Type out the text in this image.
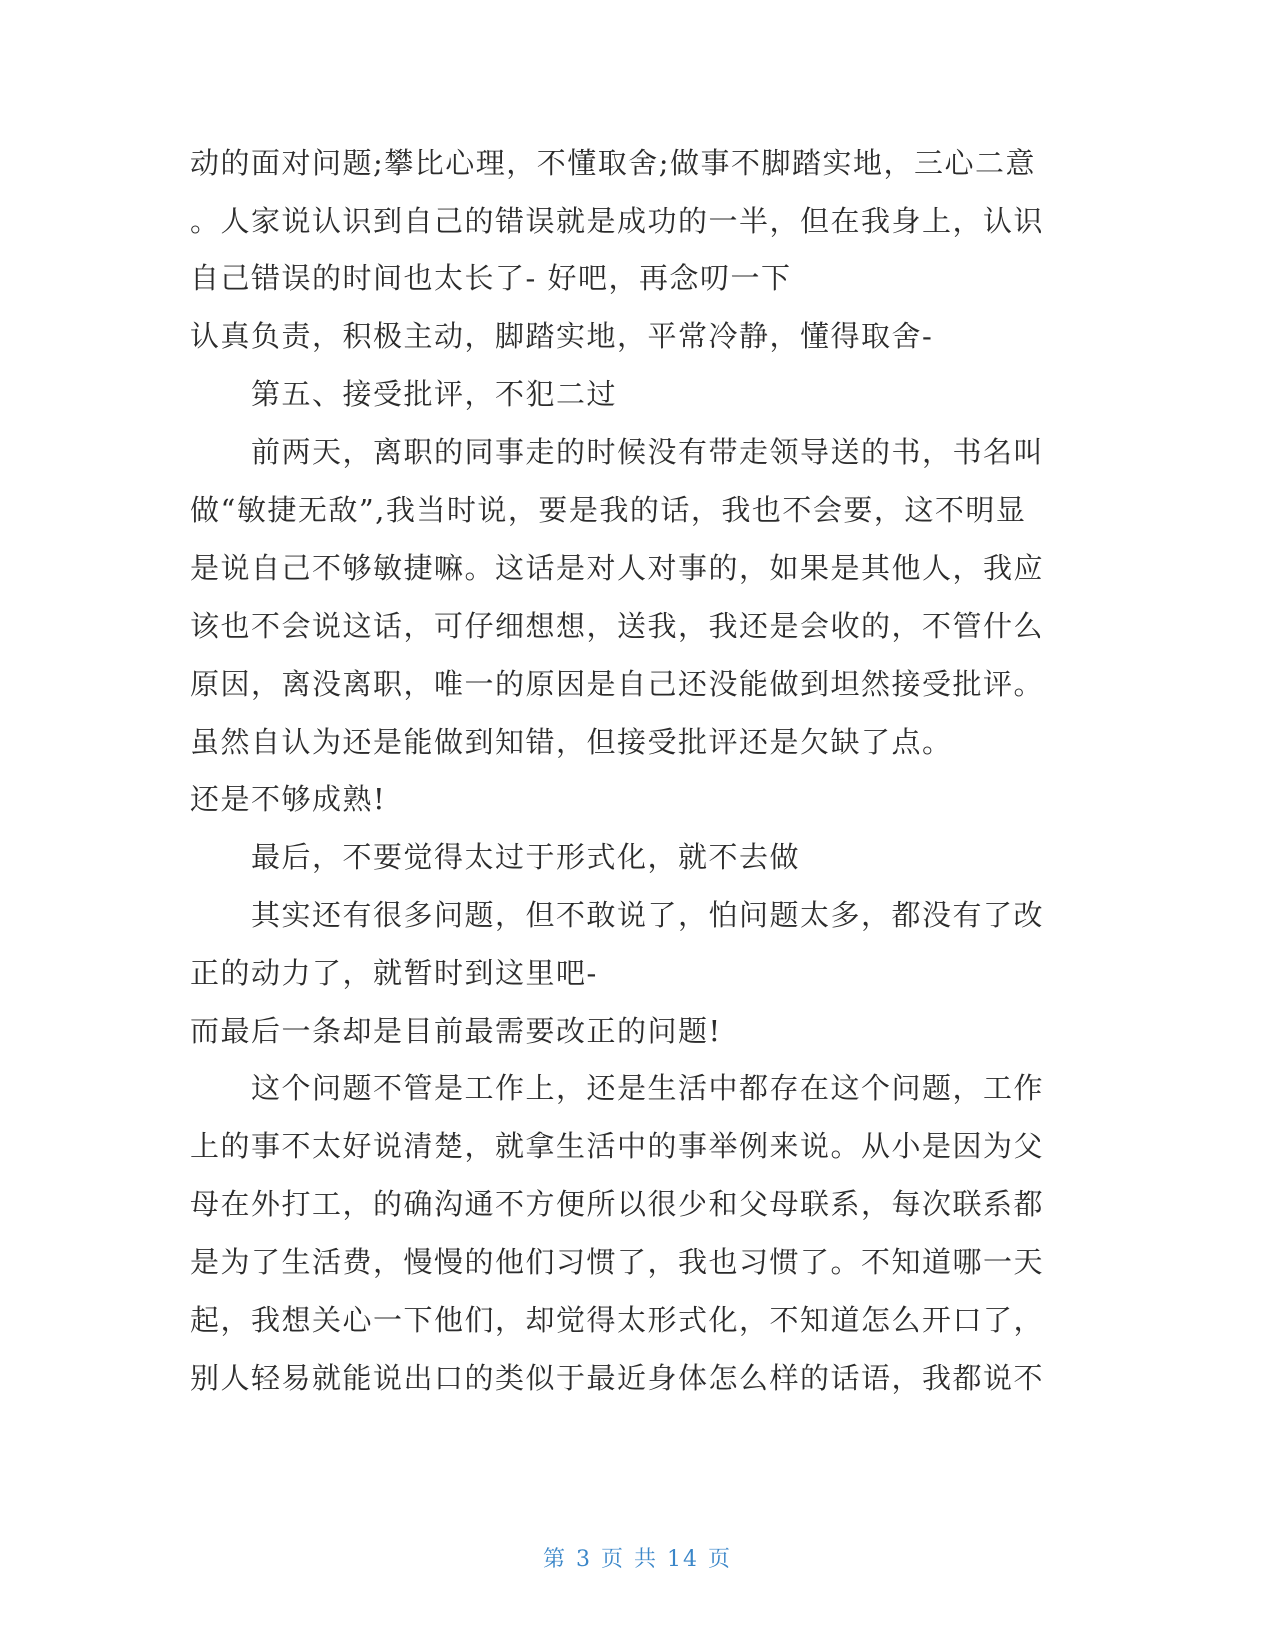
动的面对问题;攀比心理，不懂取舍;做事不脚踏实地，三心二意
。人家说认识到自己的错误就是成功的一半，但在我身上，认识
自己错误的时间也太长了- 好吧，再念叨一下
认真负责，积极主动，脚踏实地，平常冷静，懂得取舍-
第五、接受批评，不犯二过
前两天，离职的同事走的时候没有带走领导送的书，书名叫
做“敏捷无敌”,我当时说，要是我的话，我也不会要，这不明显
是说自己不够敏捷嘛。这话是对人对事的，如果是其他人，我应
该也不会说这话，可仔细想想，送我，我还是会收的，不管什么
原因，离没离职，唯一的原因是自己还没能做到坦然接受批评。
虽然自认为还是能做到知错，但接受批评还是欠缺了点。
还是不够成熟!
最后，不要觉得太过于形式化，就不去做
其实还有很多问题，但不敢说了，怕问题太多，都没有了改
正的动力了，就暂时到这里吧-
而最后一条却是目前最需要改正的问题!
这个问题不管是工作上，还是生活中都存在这个问题，工作
上的事不太好说清楚，就拿生活中的事举例来说。从小是因为父
母在外打工，的确沟通不方便所以很少和父母联系，每次联系都
是为了生活费，慢慢的他们习惯了，我也习惯了。不知道哪一天
起，我想关心一下他们，却觉得太形式化，不知道怎么开口了，
别人轻易就能说出口的类似于最近身体怎么样的话语，我都说不
第 3 页 共 14 页
